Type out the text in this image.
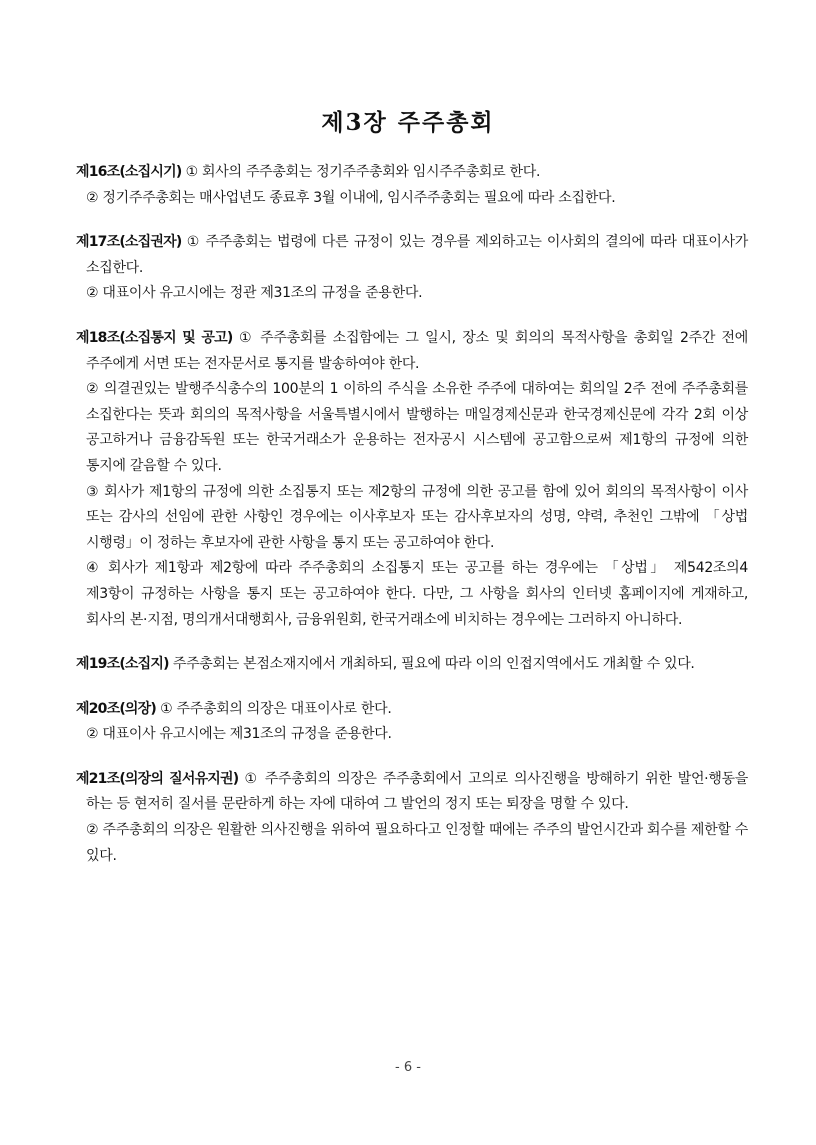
제3장 주주총회
제16조(소집시기) ① 회사의 주주총회는 정기주주총회와 임시주주총회로 한다.
② 정기주주총회는 매사업년도 종료후 3월 이내에, 임시주주총회는 필요에 따라 소집한다.
제17조(소집권자) ① 주주총회는 법령에 다른 규정이 있는 경우를 제외하고는 이사회의 결의에 따라 대표이사가 소집한다.
② 대표이사 유고시에는 정관 제31조의 규정을 준용한다.
제18조(소집통지 및 공고) ① 주주총회를 소집함에는 그 일시, 장소 및 회의의 목적사항을 총회일 2주간 전에 주주에게 서면 또는 전자문서로 통지를 발송하여야 한다.
② 의결권있는 발행주식총수의 100분의 1 이하의 주식을 소유한 주주에 대하여는 회의일 2주 전에 주주총회를 소집한다는 뜻과 회의의 목적사항을 서울특별시에서 발행하는 매일경제신문과 한국경제신문에 각각 2회 이상 공고하거나 금융감독원 또는 한국거래소가 운용하는 전자공시 시스템에 공고함으로써 제1항의 규정에 의한 통지에 갈음할 수 있다.
③ 회사가 제1항의 규정에 의한 소집통지 또는 제2항의 규정에 의한 공고를 함에 있어 회의의 목적사항이 이사 또는 감사의 선임에 관한 사항인 경우에는 이사후보자 또는 감사후보자의 성명, 약력, 추천인 그밖에 「상법 시행령」이 정하는 후보자에 관한 사항을 통지 또는 공고하여야 한다.
④ 회사가 제1항과 제2항에 따라 주주총회의 소집통지 또는 공고를 하는 경우에는 「상법」 제542조의4 제3항이 규정하는 사항을 통지 또는 공고하여야 한다. 다만, 그 사항을 회사의 인터넷 홈페이지에 게재하고, 회사의 본·지점, 명의개서대행회사, 금융위원회, 한국거래소에 비치하는 경우에는 그러하지 아니하다.
제19조(소집지) 주주총회는 본점소재지에서 개최하되, 필요에 따라 이의 인접지역에서도 개최할 수 있다.
제20조(의장) ① 주주총회의 의장은 대표이사로 한다.
② 대표이사 유고시에는 제31조의 규정을 준용한다.
제21조(의장의 질서유지권) ① 주주총회의 의장은 주주총회에서 고의로 의사진행을 방해하기 위한 발언·행동을 하는 등 현저히 질서를 문란하게 하는 자에 대하여 그 발언의 정지 또는 퇴장을 명할 수 있다.
② 주주총회의 의장은 원활한 의사진행을 위하여 필요하다고 인정할 때에는 주주의 발언시간과 회수를 제한할 수 있다.
- 6 -
